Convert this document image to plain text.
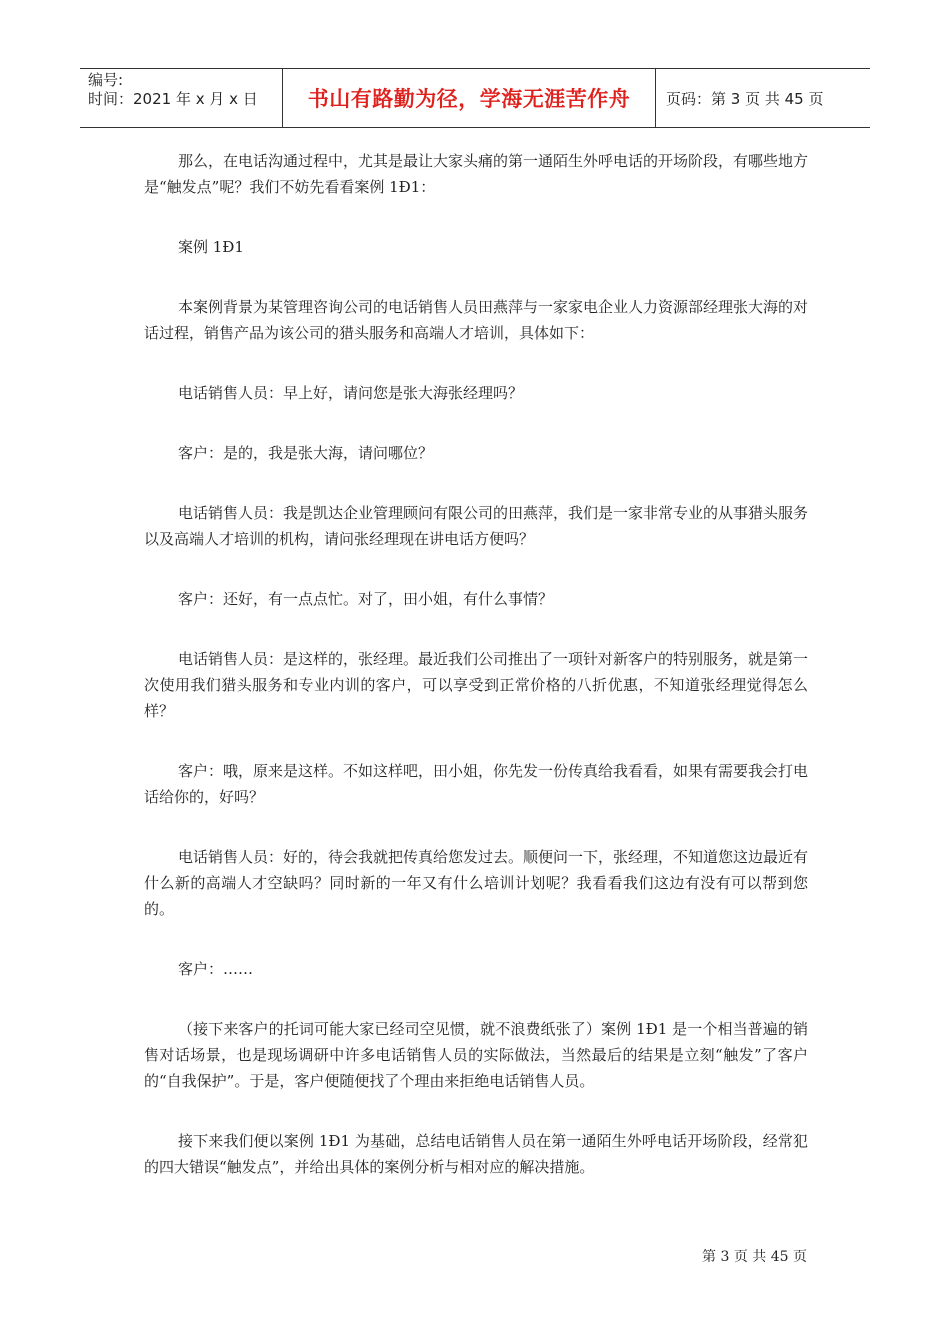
编号:
时间：2021 年 x 月 x 日	书山有路勤为径，学海无涯苦作舟	页码：第 3 页 共 45 页

那么，在电话沟通过程中，尤其是最让大家头痛的第一通陌生外呼电话的开场阶段，有哪些地方是“触发点”呢？我们不妨先看看案例 1Ð1：

案例 1Ð1

本案例背景为某管理咨询公司的电话销售人员田燕萍与一家家电企业人力资源部经理张大海的对话过程，销售产品为该公司的猎头服务和高端人才培训，具体如下：

电话销售人员：早上好，请问您是张大海张经理吗？

客户：是的，我是张大海，请问哪位？

电话销售人员：我是凯达企业管理顾问有限公司的田燕萍，我们是一家非常专业的从事猎头服务以及高端人才培训的机构，请问张经理现在讲电话方便吗？

客户：还好，有一点点忙。对了，田小姐，有什么事情？

电话销售人员：是这样的，张经理。最近我们公司推出了一项针对新客户的特别服务，就是第一次使用我们猎头服务和专业内训的客户，可以享受到正常价格的八折优惠，不知道张经理觉得怎么样？

客户：哦，原来是这样。不如这样吧，田小姐，你先发一份传真给我看看，如果有需要我会打电话给你的，好吗？

电话销售人员：好的，待会我就把传真给您发过去。顺便问一下，张经理，不知道您这边最近有什么新的高端人才空缺吗？同时新的一年又有什么培训计划呢？我看看我们这边有没有可以帮到您的。

客户：……

（接下来客户的托词可能大家已经司空见惯，就不浪费纸张了）案例 1Ð1 是一个相当普遍的销售对话场景，也是现场调研中许多电话销售人员的实际做法，当然最后的结果是立刻“触发”了客户的“自我保护”。于是，客户便随便找了个理由来拒绝电话销售人员。

接下来我们便以案例 1Ð1 为基础，总结电话销售人员在第一通陌生外呼电话开场阶段，经常犯的四大错误“触发点”，并给出具体的案例分析与相对应的解决措施。

第 3 页 共 45 页
